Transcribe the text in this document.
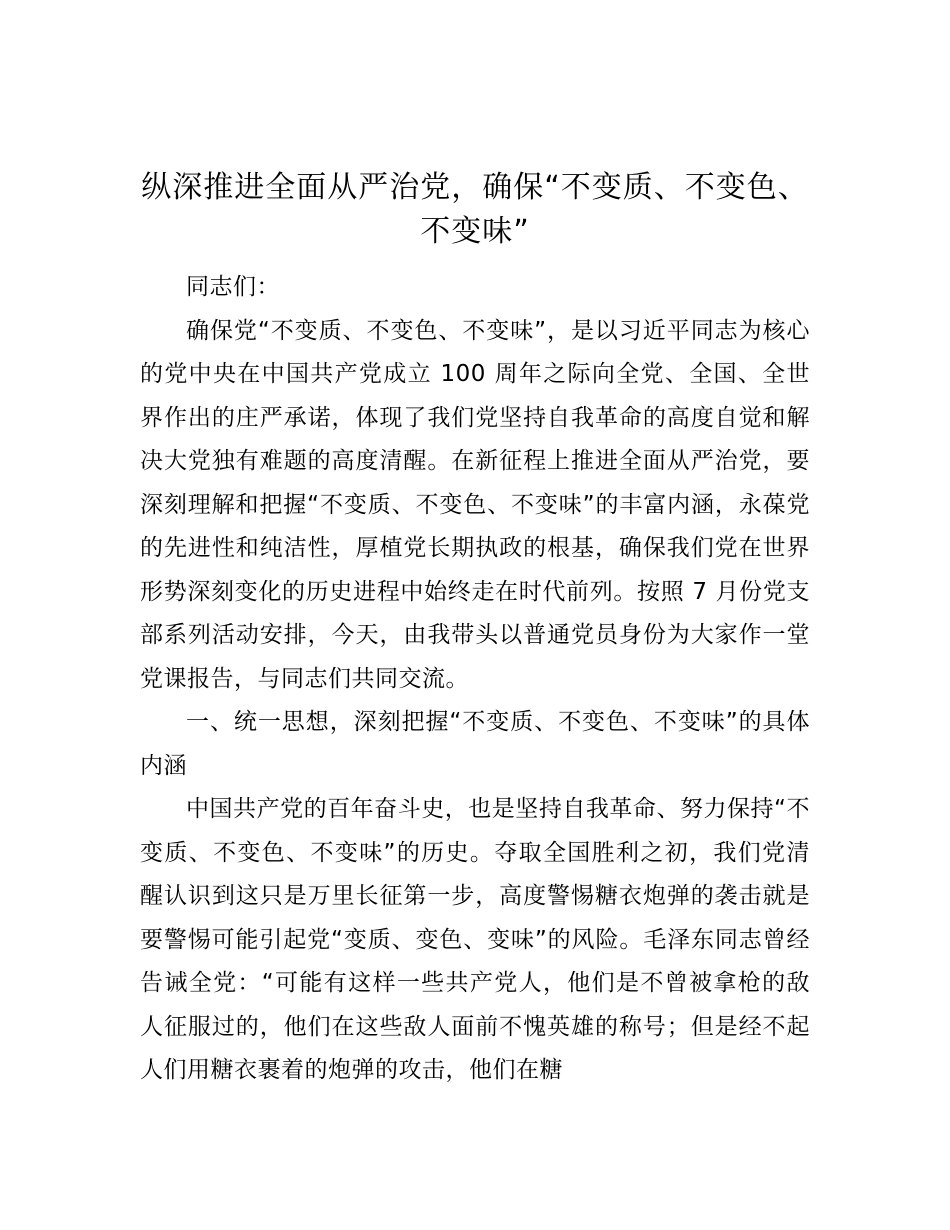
纵深推进全面从严治党，确保“不变质、不变色、不变味”

同志们：

确保党“不变质、不变色、不变味”，是以习近平同志为核心的党中央在中国共产党成立 100 周年之际向全党、全国、全世界作出的庄严承诺，体现了我们党坚持自我革命的高度自觉和解决大党独有难题的高度清醒。在新征程上推进全面从严治党，要深刻理解和把握“不变质、不变色、不变味”的丰富内涵，永葆党的先进性和纯洁性，厚植党长期执政的根基，确保我们党在世界形势深刻变化的历史进程中始终走在时代前列。按照 7 月份党支部系列活动安排，今天，由我带头以普通党员身份为大家作一堂党课报告，与同志们共同交流。

一、统一思想，深刻把握“不变质、不变色、不变味”的具体内涵

中国共产党的百年奋斗史，也是坚持自我革命、努力保持“不变质、不变色、不变味”的历史。夺取全国胜利之初，我们党清醒认识到这只是万里长征第一步，高度警惕糖衣炮弹的袭击就是要警惕可能引起党“变质、变色、变味”的风险。毛泽东同志曾经告诫全党：“可能有这样一些共产党人，他们是不曾被拿枪的敌人征服过的，他们在这些敌人面前不愧英雄的称号；但是经不起人们用糖衣裹着的炮弹的攻击，他们在糖
